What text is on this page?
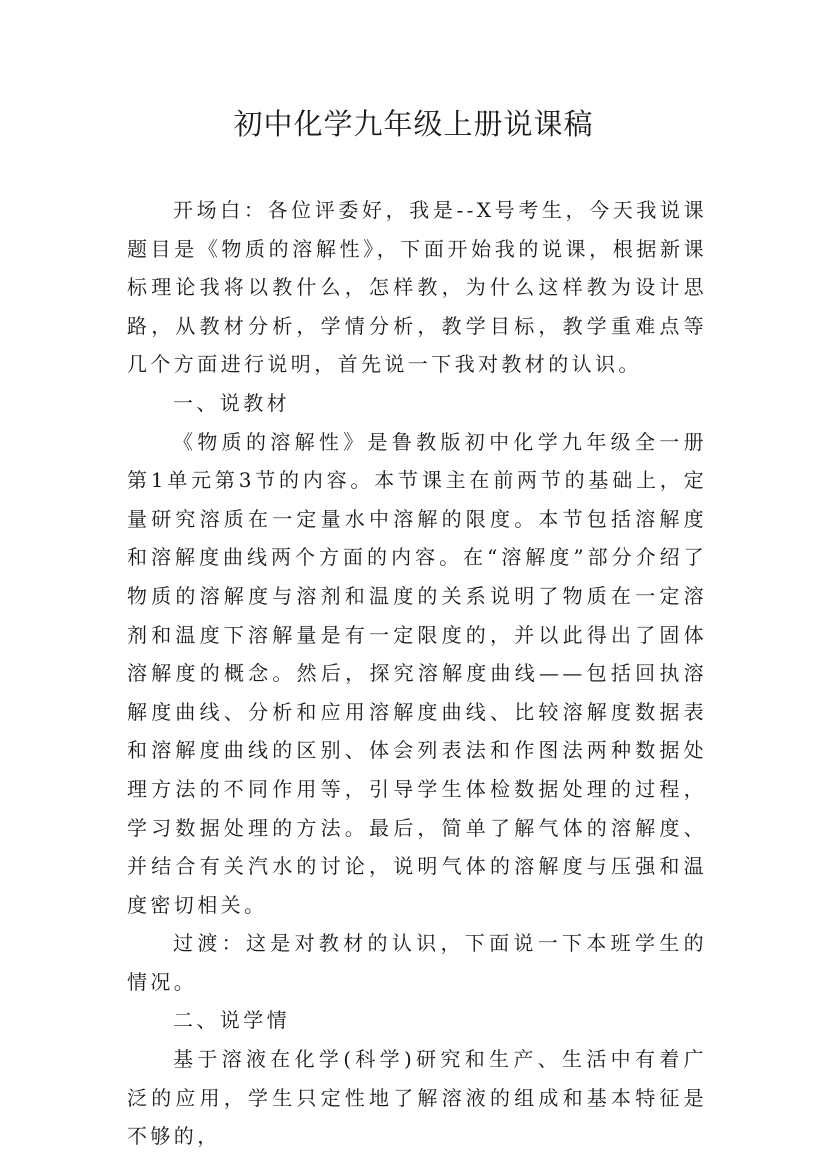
初中化学九年级上册说课稿

开场白：各位评委好，我是--X号考生，今天我说课题目是《物质的溶解性》，下面开始我的说课，根据新课标理论我将以教什么，怎样教，为什么这样教为设计思路，从教材分析，学情分析，教学目标，教学重难点等几个方面进行说明，首先说一下我对教材的认识。

一、说教材

《物质的溶解性》是鲁教版初中化学九年级全一册第1单元第3节的内容。本节课主在前两节的基础上，定量研究溶质在一定量水中溶解的限度。本节包括溶解度和溶解度曲线两个方面的内容。在“溶解度”部分介绍了物质的溶解度与溶剂和温度的关系说明了物质在一定溶剂和温度下溶解量是有一定限度的，并以此得出了固体溶解度的概念。然后，探究溶解度曲线——包括回执溶解度曲线、分析和应用溶解度曲线、比较溶解度数据表和溶解度曲线的区别、体会列表法和作图法两种数据处理方法的不同作用等，引导学生体检数据处理的过程，学习数据处理的方法。最后，简单了解气体的溶解度、并结合有关汽水的讨论，说明气体的溶解度与压强和温度密切相关。

过渡：这是对教材的认识，下面说一下本班学生的情况。

二、说学情

基于溶液在化学(科学)研究和生产、生活中有着广泛的应用，学生只定性地了解溶液的组成和基本特征是不够的，
